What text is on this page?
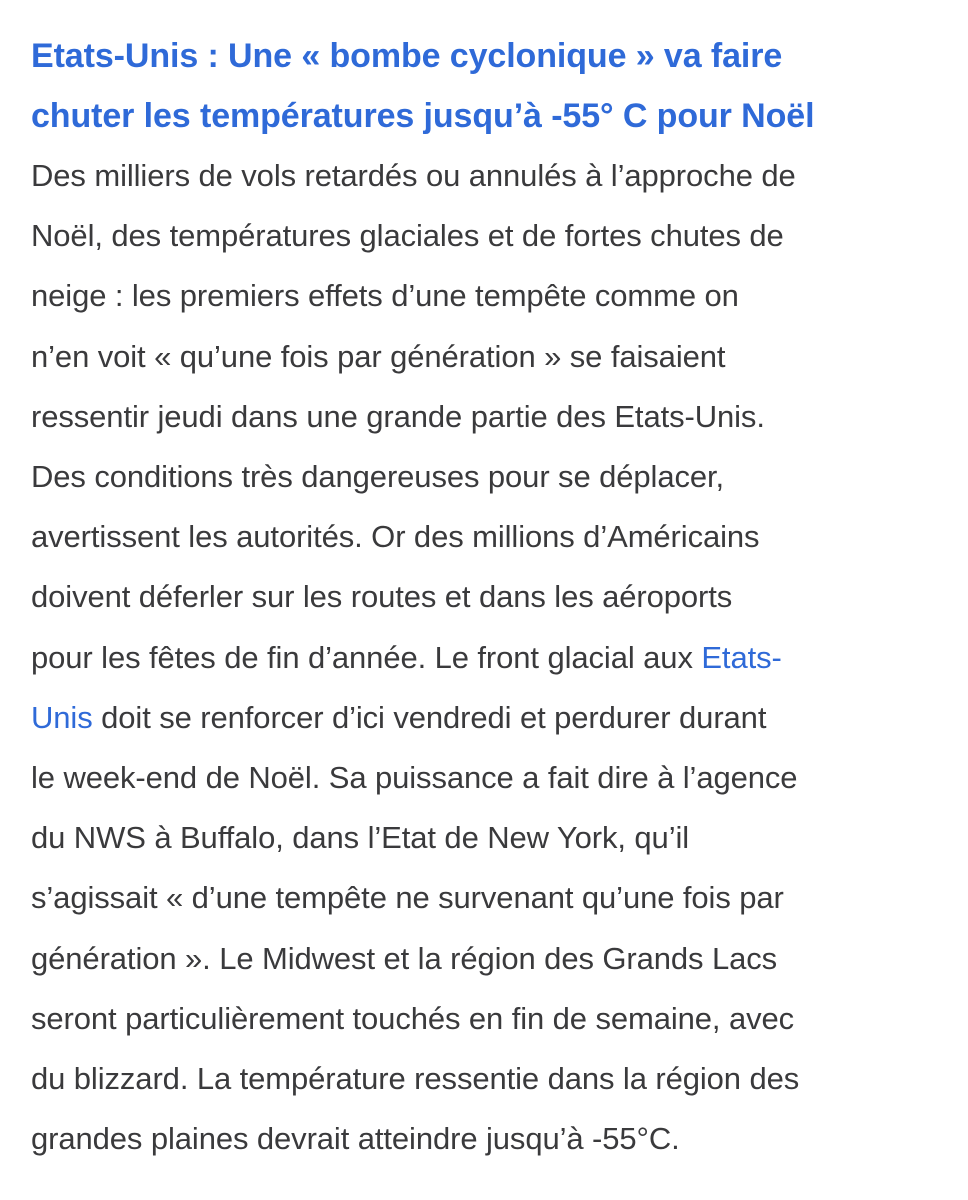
Etats-Unis : Une « bombe cyclonique » va faire
chuter les températures jusqu’à -55° C pour Noël

Des milliers de vols retardés ou annulés à l’approche de
Noël, des températures glaciales et de fortes chutes de
neige : les premiers effets d’une tempête comme on
n’en voit « qu’une fois par génération » se faisaient
ressentir jeudi dans une grande partie des Etats-Unis.
Des conditions très dangereuses pour se déplacer,
avertissent les autorités. Or des millions d’Américains
doivent déferler sur les routes et dans les aéroports
pour les fêtes de fin d’année. Le front glacial aux Etats-
Unis doit se renforcer d’ici vendredi et perdurer durant
le week-end de Noël. Sa puissance a fait dire à l’agence
du NWS à Buffalo, dans l’Etat de New York, qu’il
s’agissait « d’une tempête ne survenant qu’une fois par
génération ». Le Midwest et la région des Grands Lacs
seront particulièrement touchés en fin de semaine, avec
du blizzard. La température ressentie dans la région des
grandes plaines devrait atteindre jusqu’à -55°C.
